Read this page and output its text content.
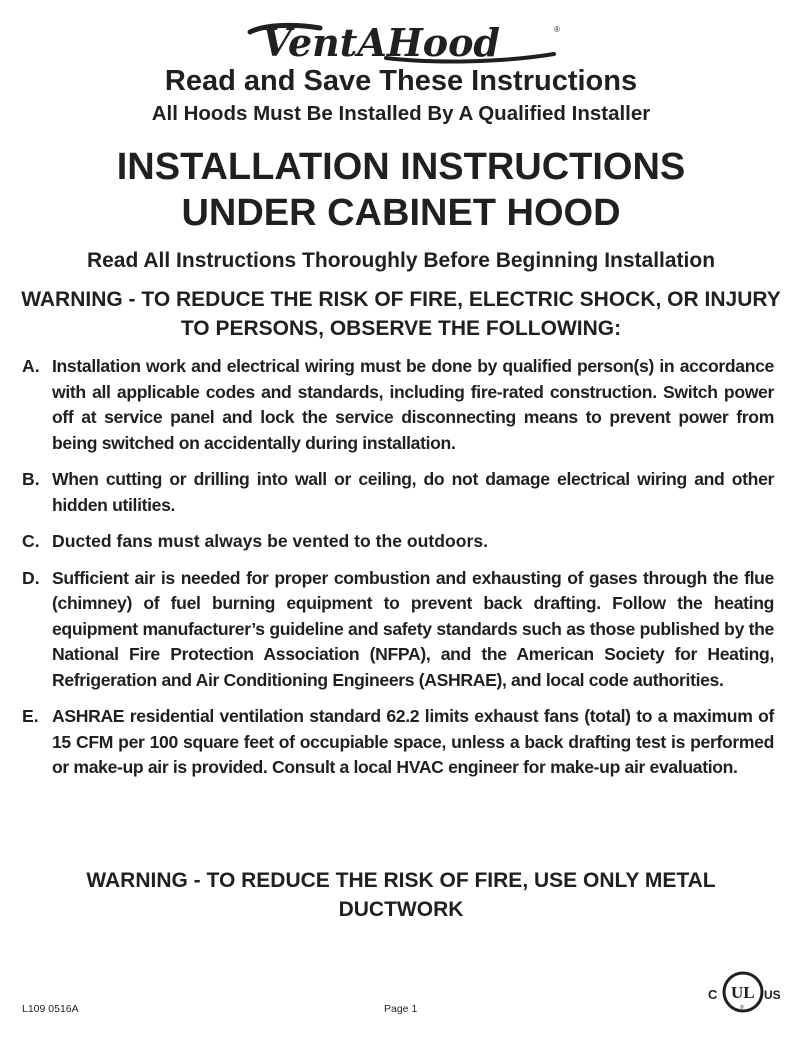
VentAHood	®
Read and Save These Instructions
All Hoods Must Be Installed By A Qualified Installer
INSTALLATION INSTRUCTIONS
UNDER CABINET HOOD
Read All Instructions Thoroughly Before Beginning Installation
WARNING - TO REDUCE THE RISK OF FIRE, ELECTRIC SHOCK, OR INJURY TO PERSONS, OBSERVE THE FOLLOWING:
A. Installation work and electrical wiring must be done by qualified person(s) in accordance with all applicable codes and standards, including fire-rated construction. Switch power off at service panel and lock the service disconnecting means to prevent power from being switched on accidentally during installation.
B. When cutting or drilling into wall or ceiling, do not damage electrical wiring and other hidden utilities.
C. Ducted fans must always be vented to the outdoors.
D. Sufficient air is needed for proper combustion and exhausting of gases through the flue (chimney) of fuel burning equipment to prevent back drafting. Follow the heating equipment manufacturer’s guideline and safety standards such as those published by the National Fire Protection Association (NFPA), and the American Society for Heating, Refrigeration and Air Conditioning Engineers (ASHRAE), and local code authorities.
E. ASHRAE residential ventilation standard 62.2 limits exhaust fans (total) to a maximum of 15 CFM per 100 square feet of occupiable space, unless a back drafting test is performed or make-up air is provided. Consult a local HVAC engineer for make-up air evaluation.
WARNING - TO REDUCE THE RISK OF FIRE, USE ONLY METAL DUCTWORK
L109 0516A	Page 1
C UL US
®
